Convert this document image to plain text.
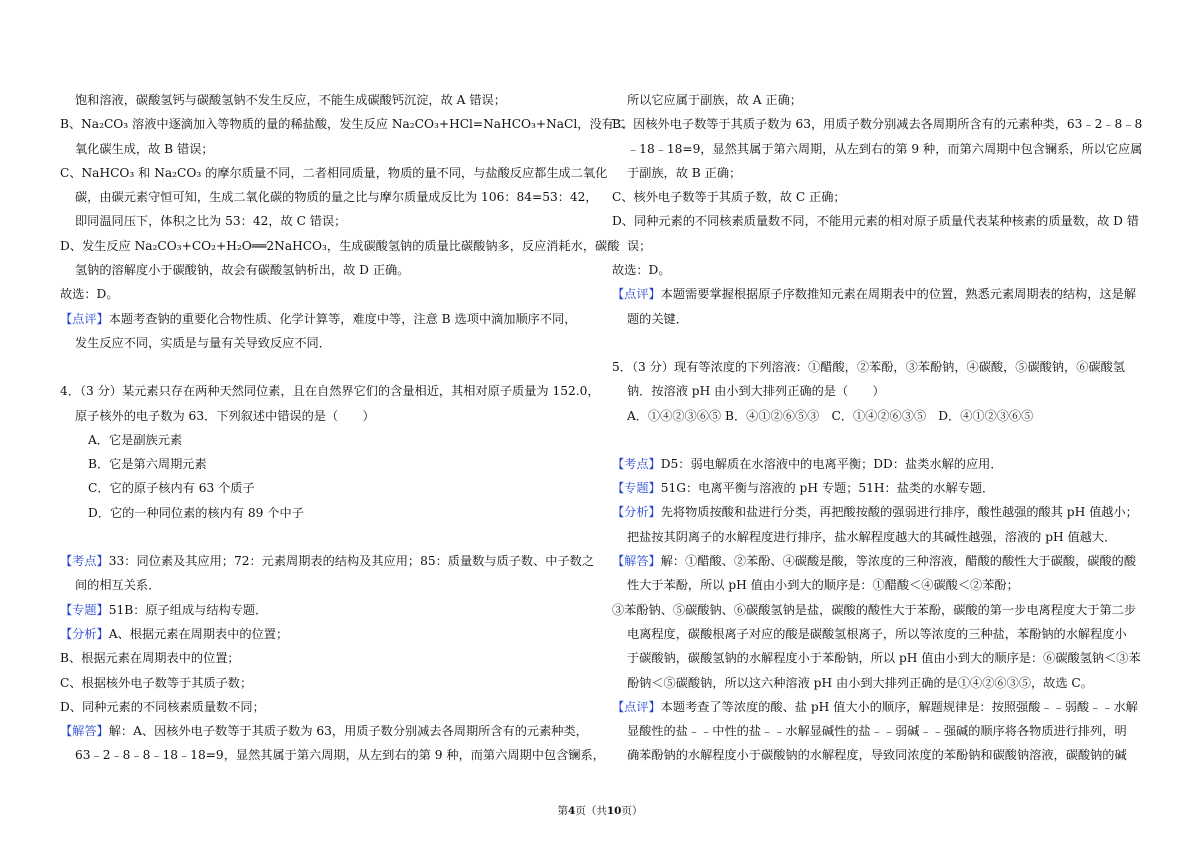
饱和溶液，碳酸氢钙与碳酸氢钠不发生反应，不能生成碳酸钙沉淀，故 A 错误；

B、Na₂CO₃ 溶液中逐滴加入等物质的量的稀盐酸，发生反应 Na₂CO₃+HCl=NaHCO₃+NaCl，没有二

氧化碳生成，故 B 错误；

C、NaHCO₃ 和 Na₂CO₃ 的摩尔质量不同，二者相同质量，物质的量不同，与盐酸反应都生成二氧化

碳，由碳元素守恒可知，生成二氧化碳的物质的量之比与摩尔质量成反比为 106：84=53：42，

即同温同压下，体积之比为 53：42，故 C 错误；

D、发生反应 Na₂CO₃+CO₂+H₂O══2NaHCO₃，生成碳酸氢钠的质量比碳酸钠多，反应消耗水，碳酸

氢钠的溶解度小于碳酸钠，故会有碳酸氢钠析出，故 D 正确。

故选：D。

【点评】本题考查钠的重要化合物性质、化学计算等，难度中等，注意 B 选项中滴加顺序不同，

发生反应不同，实质是与量有关导致反应不同．

4．（3 分）某元素只存在两种天然同位素，且在自然界它们的含量相近，其相对原子质量为 152.0，

原子核外的电子数为 63．下列叙述中错误的是（　　）

A．它是副族元素

B．它是第六周期元素

C．它的原子核内有 63 个质子

D．它的一种同位素的核内有 89 个中子

【考点】33：同位素及其应用；72：元素周期表的结构及其应用；85：质量数与质子数、中子数之

间的相互关系．

【专题】51B：原子组成与结构专题．

【分析】A、根据元素在周期表中的位置；

B、根据元素在周期表中的位置；

C、根据核外电子数等于其质子数；

D、同种元素的不同核素质量数不同；

【解答】解：A、因核外电子数等于其质子数为 63，用质子数分别减去各周期所含有的元素种类，

63﹣2﹣8﹣8﹣18﹣18=9，显然其属于第六周期，从左到右的第 9 种，而第六周期中包含镧系，

所以它应属于副族，故 A 正确；

B、因核外电子数等于其质子数为 63，用质子数分别减去各周期所含有的元素种类，63﹣2﹣8﹣8

﹣18﹣18=9，显然其属于第六周期，从左到右的第 9 种，而第六周期中包含镧系，所以它应属

于副族，故 B 正确；

C、核外电子数等于其质子数，故 C 正确；

D、同种元素的不同核素质量数不同，不能用元素的相对原子质量代表某种核素的质量数，故 D 错

误；

故选：D。

【点评】本题需要掌握根据原子序数推知元素在周期表中的位置，熟悉元素周期表的结构，这是解

题的关键．

5．（3 分）现有等浓度的下列溶液：①醋酸，②苯酚，③苯酚钠，④碳酸，⑤碳酸钠，⑥碳酸氢

钠．按溶液 pH 由小到大排列正确的是（　　）

A．①④②③⑥⑤ B．④①②⑥⑤③　C．①④②⑥③⑤　D．④①②③⑥⑤

【考点】D5：弱电解质在水溶液中的电离平衡；DD：盐类水解的应用．

【专题】51G：电离平衡与溶液的 pH 专题；51H：盐类的水解专题．

【分析】先将物质按酸和盐进行分类，再把酸按酸的强弱进行排序，酸性越强的酸其 pH 值越小；

把盐按其阴离子的水解程度进行排序，盐水解程度越大的其碱性越强，溶液的 pH 值越大．

【解答】解：①醋酸、②苯酚、④碳酸是酸，等浓度的三种溶液，醋酸的酸性大于碳酸，碳酸的酸

性大于苯酚，所以 pH 值由小到大的顺序是：①醋酸＜④碳酸＜②苯酚；

③苯酚钠、⑤碳酸钠、⑥碳酸氢钠是盐，碳酸的酸性大于苯酚，碳酸的第一步电离程度大于第二步

电离程度，碳酸根离子对应的酸是碳酸氢根离子，所以等浓度的三种盐，苯酚钠的水解程度小

于碳酸钠，碳酸氢钠的水解程度小于苯酚钠，所以 pH 值由小到大的顺序是：⑥碳酸氢钠＜③苯

酚钠＜⑤碳酸钠，所以这六种溶液 pH 由小到大排列正确的是①④②⑥③⑤，故选 C。

【点评】本题考查了等浓度的酸、盐 pH 值大小的顺序，解题规律是：按照强酸﹣﹣弱酸﹣﹣水解

显酸性的盐﹣﹣中性的盐﹣﹣水解显碱性的盐﹣﹣弱碱﹣﹣强碱的顺序将各物质进行排列，明

确苯酚钠的水解程度小于碳酸钠的水解程度，导致同浓度的苯酚钠和碳酸钠溶液，碳酸钠的碱

第4页（共10页）
